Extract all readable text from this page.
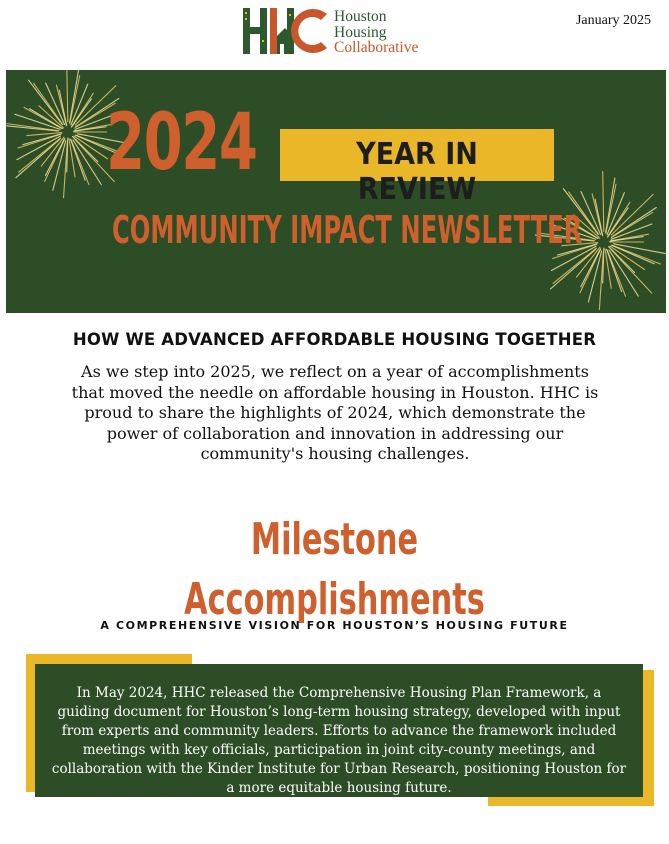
Houston
Housing
Collaborative
January 2025
2024	YEAR IN REVIEW
COMMUNITY IMPACT NEWSLETTER
HOW WE ADVANCED AFFORDABLE HOUSING TOGETHER
As we step into 2025, we reflect on a year of accomplishments that moved the needle on affordable housing in Houston. HHC is proud to share the highlights of 2024, which demonstrate the power of collaboration and innovation in addressing our community's housing challenges.
Milestone Accomplishments
A COMPREHENSIVE VISION FOR HOUSTON’S HOUSING FUTURE

In May 2024, HHC released the Comprehensive Housing Plan Framework, a guiding document for Houston’s long-term housing strategy, developed with input from experts and community leaders. Efforts to advance the framework included meetings with key officials, participation in joint city-county meetings, and collaboration with the Kinder Institute for Urban Research, positioning Houston for a more equitable housing future.
